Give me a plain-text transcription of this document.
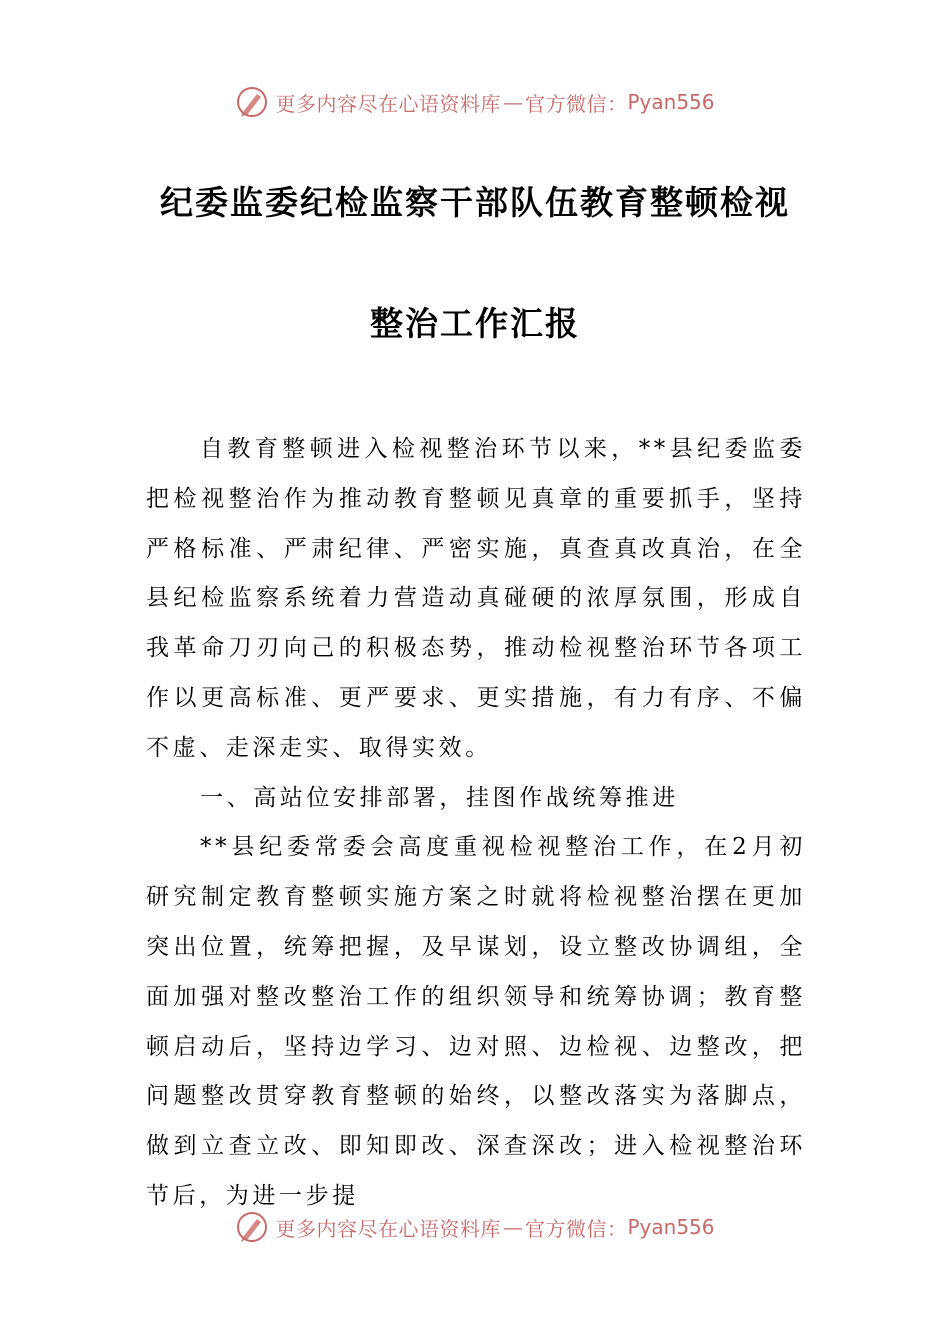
更多内容尽在心语资料库 — 官方微信： Pyan556
纪委监委纪检监察干部队伍教育整顿检视
整治工作汇报

自教育整顿进入检视整治环节以来，**县纪委监委把检视整治作为推动教育整顿见真章的重要抓手，坚持严格标准、严肃纪律、严密实施，真查真改真治，在全县纪检监察系统着力营造动真碰硬的浓厚氛围，形成自我革命刀刃向己的积极态势，推动检视整治环节各项工作以更高标准、更严要求、更实措施，有力有序、不偏不虚、走深走实、取得实效。

一、高站位安排部署，挂图作战统筹推进

**县纪委常委会高度重视检视整治工作，在2月初研究制定教育整顿实施方案之时就将检视整治摆在更加突出位置，统筹把握，及早谋划，设立整改协调组，全面加强对整改整治工作的组织领导和统筹协调；教育整顿启动后，坚持边学习、边对照、边检视、边整改，把问题整改贯穿教育整顿的始终，以整改落实为落脚点，做到立查立改、即知即改、深查深改；进入检视整治环节后，为进一步提

更多内容尽在心语资料库 — 官方微信： Pyan556
